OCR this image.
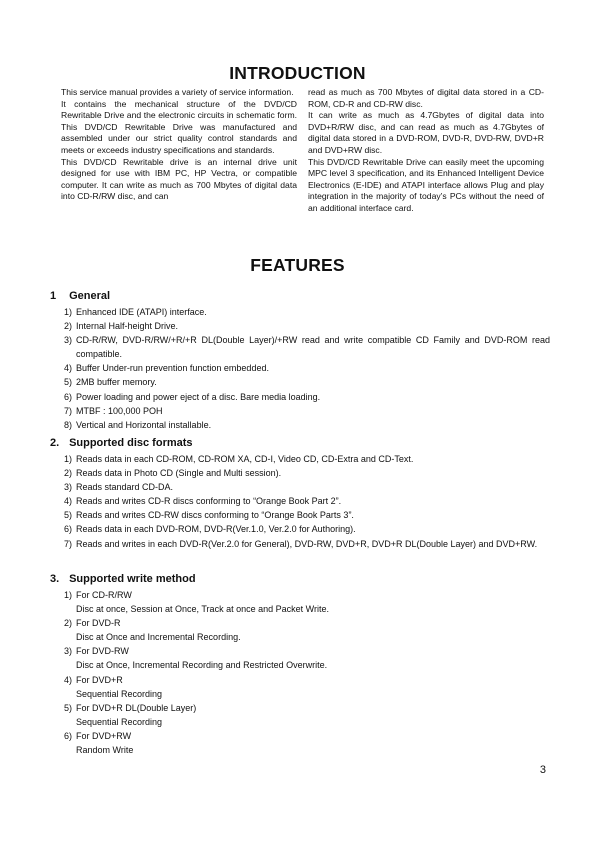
INTRODUCTION

This service manual provides a variety of service information.

It contains the mechanical structure of the DVD/CD Rewritable Drive and the electronic circuits in schematic form. This DVD/CD Rewritable Drive was manufactured and assembled under our strict quality control standards and meets or exceeds industry specifications and standards.

This DVD/CD Rewritable drive is an internal drive unit designed for use with IBM PC, HP Vectra, or compatible computer. It can write as much as 700 Mbytes of digital data into CD-R/RW disc, and can

read as much as 700 Mbytes of digital data stored in a CD-ROM, CD-R and CD-RW disc.

It can write as much as 4.7Gbytes of digital data into DVD+R/RW disc, and can read as much as 4.7Gbytes of digital data stored in a DVD-ROM, DVD-R, DVD-RW, DVD+R and DVD+RW disc.

This DVD/CD Rewritable Drive can easily meet the upcoming MPC level 3 specification, and its Enhanced Intelligent Device Electronics (E-IDE) and ATAPI interface allows Plug and play integration in the majority of today’s PCs without the need of an additional interface card.

FEATURES
1 General
1) Enhanced IDE (ATAPI) interface.
2) Internal Half-height Drive.
3) CD-R/RW, DVD-R/RW/+R/+R DL(Double Layer)/+RW read and write compatible CD Family and DVD-ROM read compatible.
4) Buffer Under-run prevention function embedded.
5) 2MB buffer memory.
6) Power loading and power eject of a disc. Bare media loading.
7) MTBF : 100,000 POH
8) Vertical and Horizontal installable.
2. Supported disc formats
1) Reads data in each CD-ROM, CD-ROM XA, CD-I, Video CD, CD-Extra and CD-Text.
2) Reads data in Photo CD (Single and Multi session).
3) Reads standard CD-DA.
4) Reads and writes CD-R discs conforming to “Orange Book Part 2”.
5) Reads and writes CD-RW discs conforming to “Orange Book Parts 3”.
6) Reads data in each DVD-ROM, DVD-R(Ver.1.0, Ver.2.0 for Authoring).
7) Reads and writes in each DVD-R(Ver.2.0 for General), DVD-RW, DVD+R, DVD+R DL(Double Layer) and DVD+RW.
3. Supported write method
1) For CD-R/RW
Disc at once, Session at Once, Track at once and Packet Write.
2) For DVD-R
Disc at Once and Incremental Recording.
3) For DVD-RW
Disc at Once, Incremental Recording and Restricted Overwrite.
4) For DVD+R
Sequential Recording
5) For DVD+R DL(Double Layer)
Sequential Recording
6) For DVD+RW
Random Write
3
